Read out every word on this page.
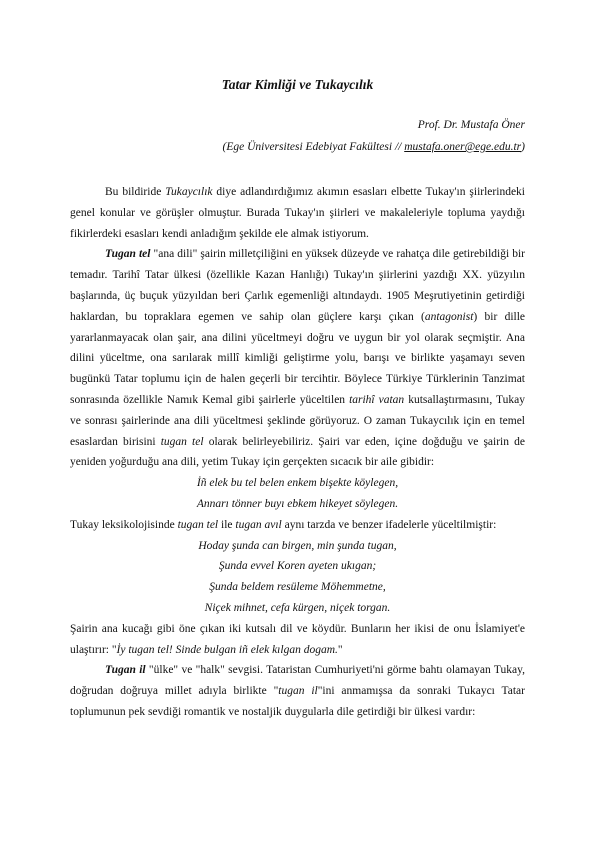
Tatar Kimliği ve Tukaycılık
Prof. Dr. Mustafa Öner
(Ege Üniversitesi Edebiyat Fakültesi // mustafa.oner@ege.edu.tr)

Bu bildiride Tukaycılık diye adlandırdığımız akımın esasları elbette Tukay'ın şiirlerindeki genel konular ve görüşler olmuştur. Burada Tukay'ın şiirleri ve makaleleriyle topluma yaydığı fikirlerdeki esasları kendi anladığım şekilde ele almak istiyorum.

Tugan tel "ana dili" şairin milletçiliğini en yüksek düzeyde ve rahatça dile getirebildiği bir temadır. Tarihî Tatar ülkesi (özellikle Kazan Hanlığı) Tukay'ın şiirlerini yazdığı XX. yüzyılın başlarında, üç buçuk yüzyıldan beri Çarlık egemenliği altındaydı. 1905 Meşrutiyetinin getirdiği haklardan, bu topraklara egemen ve sahip olan güçlere karşı çıkan (antagonist) bir dille yararlanmayacak olan şair, ana dilini yüceltmeyi doğru ve uygun bir yol olarak seçmiştir. Ana dilini yüceltme, ona sarılarak millî kimliği geliştirme yolu, barışı ve birlikte yaşamayı seven bugünkü Tatar toplumu için de halen geçerli bir tercihtir. Böylece Türkiye Türklerinin Tanzimat sonrasında özellikle Namık Kemal gibi şairlerle yüceltilen tarihî vatan kutsallaştırmasını, Tukay ve sonrası şairlerinde ana dili yüceltmesi şeklinde görüyoruz. O zaman Tukaycılık için en temel esaslardan birisini tugan tel olarak belirleyebiliriz. Şairi var eden, içine doğduğu ve şairin de yeniden yoğurduğu ana dili, yetim Tukay için gerçekten sıcacık bir aile gibidir:

İñ elek bu tel belen enkem bişekte köylegen,

Annarı tönner buyı ebkem hikeyet söylegen.

Tukay leksikolojisinde tugan tel ile tugan avıl aynı tarzda ve benzer ifadelerle yüceltilmiştir:

Hoday şunda can birgen, min şunda tugan,

Şunda evvel Koren ayeten ukıgan;

Şunda beldem resüleme Möhemmetne,

Niçek mihnet, cefa kürgen, niçek torgan.

Şairin ana kucağı gibi öne çıkan iki kutsalı dil ve köydür. Bunların her ikisi de onu İslamiyet'e ulaştırır: "İy tugan tel! Sinde bulgan iñ elek kılgan dogam."

Tugan il "ülke" ve "halk" sevgisi. Tataristan Cumhuriyeti'ni görme bahtı olamayan Tukay, doğrudan doğruya millet adıyla birlikte "tugan il"ini anmamışsa da sonraki Tukaycı Tatar toplumunun pek sevdiği romantik ve nostaljik duygularla dile getirdiği bir ülkesi vardır:
